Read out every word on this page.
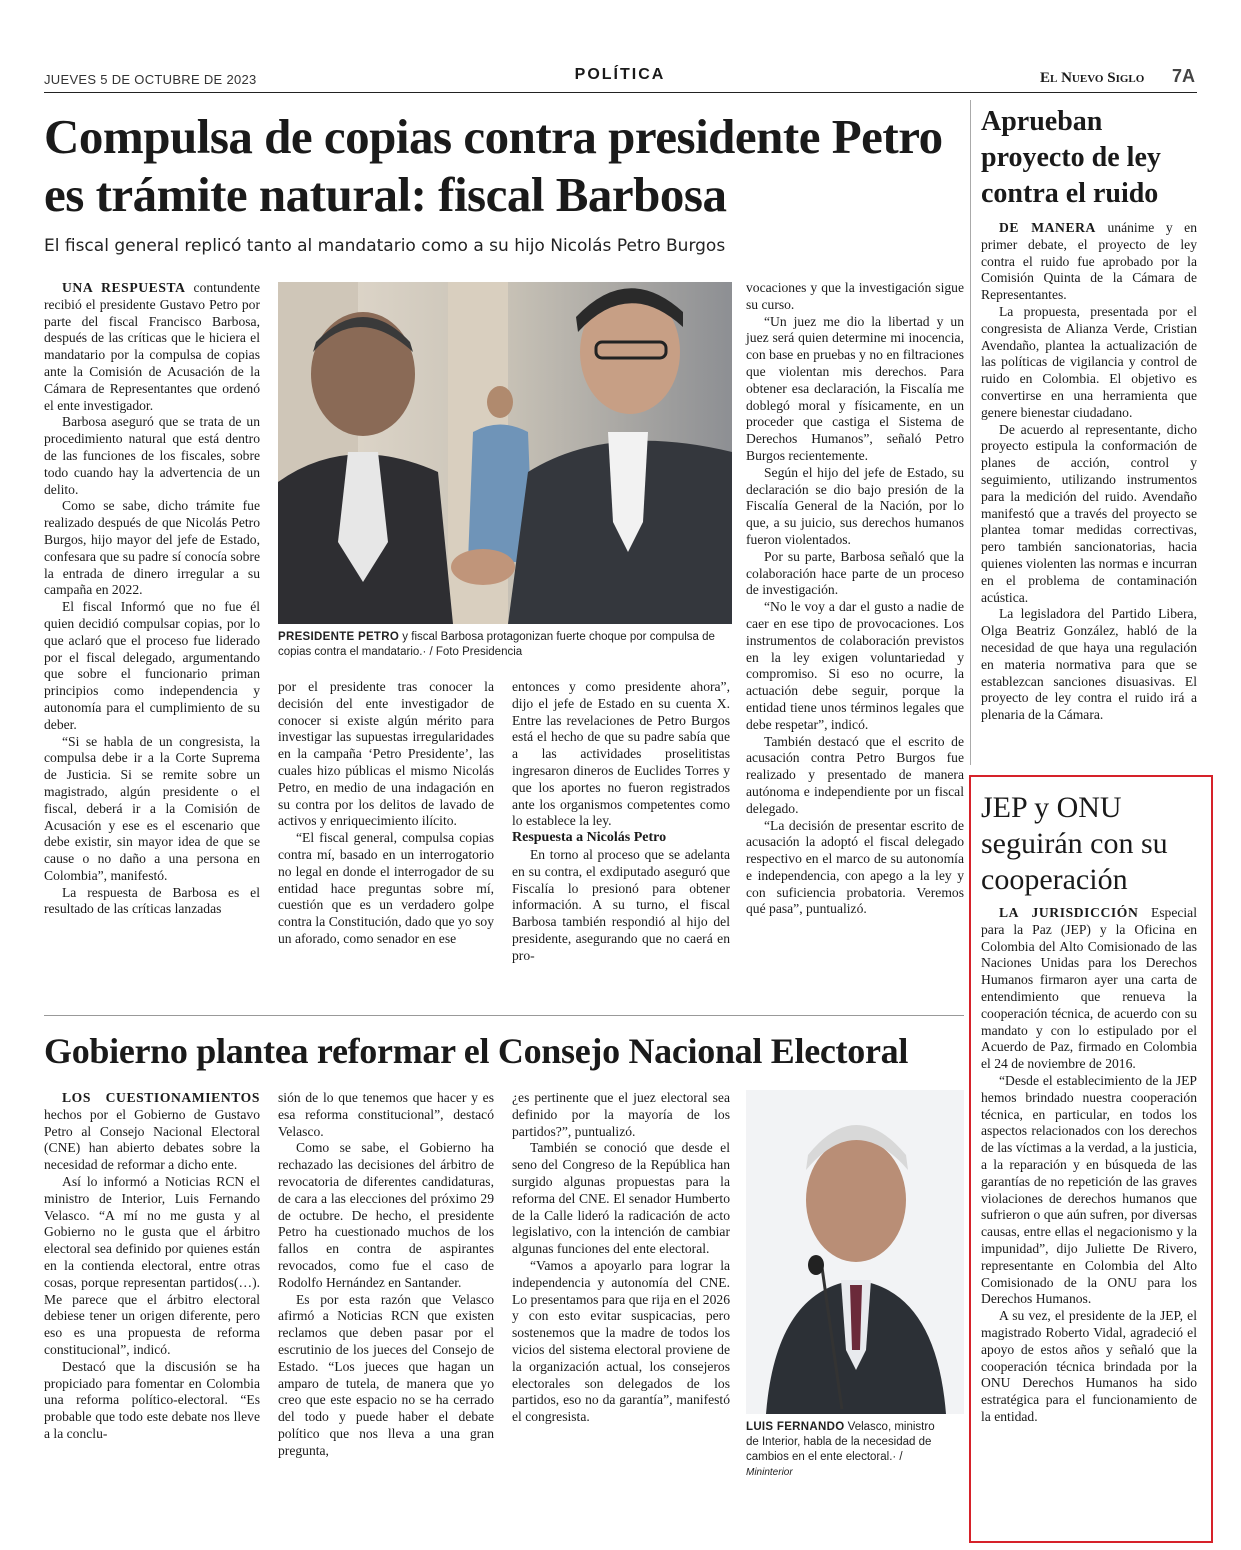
JUEVES 5 DE OCTUBRE DE 2023	POLÍTICA	El Nuevo Siglo 7A
Compulsa de copias contra presidente Petro es trámite natural: fiscal Barbosa
El fiscal general replicó tanto al mandatario como a su hijo Nicolás Petro Burgos

UNA RESPUESTA contundente recibió el presidente Gustavo Petro por parte del fiscal Francisco Barbosa, después de las críticas que le hiciera el mandatario por la compulsa de copias ante la Comisión de Acusación de la Cámara de Representantes que ordenó el ente investigador.

Barbosa aseguró que se trata de un procedimiento natural que está dentro de las funciones de los fiscales, sobre todo cuando hay la advertencia de un delito.

Como se sabe, dicho trámite fue realizado después de que Nicolás Petro Burgos, hijo mayor del jefe de Estado, confesara que su padre sí conocía sobre la entrada de dinero irregular a su campaña en 2022.

El fiscal Informó que no fue él quien decidió compulsar copias, por lo que aclaró que el proceso fue liderado por el fiscal delegado, argumentando que sobre el funcionario priman principios como independencia y autonomía para el cumplimiento de su deber.

“Si se habla de un congresista, la compulsa debe ir a la Corte Suprema de Justicia. Si se remite sobre un magistrado, algún presidente o el fiscal, deberá ir a la Comisión de Acusación y ese es el escenario que debe existir, sin mayor idea de que se cause o no daño a una persona en Colombia”, manifestó.

La respuesta de Barbosa es el resultado de las críticas lanzadas

PRESIDENTE PETRO y fiscal Barbosa protagonizan fuerte choque por compulsa de copias contra el mandatario.· / Foto Presidencia

por el presidente tras conocer la decisión del ente investigador de conocer si existe algún mérito para investigar las supuestas irregularidades en la campaña ‘Petro Presidente’, las cuales hizo públicas el mismo Nicolás Petro, en medio de una indagación en su contra por los delitos de lavado de activos y enriquecimiento ilícito.

“El fiscal general, compulsa copias contra mí, basado en un interrogatorio no legal en donde el interrogador de su entidad hace preguntas sobre mí, cuestión que es un verdadero golpe contra la Constitución, dado que yo soy un aforado, como senador en ese

entonces y como presidente ahora”, dijo el jefe de Estado en su cuenta X. Entre las revelaciones de Petro Burgos está el hecho de que su padre sabía que a las actividades proselitistas ingresaron dineros de Euclides Torres y que los aportes no fueron registrados ante los organismos competentes como lo establece la ley.

Respuesta a Nicolás Petro

En torno al proceso que se adelanta en su contra, el exdiputado aseguró que Fiscalía lo presionó para obtener información. A su turno, el fiscal Barbosa también respondió al hijo del presidente, asegurando que no caerá en pro-

vocaciones y que la investigación sigue su curso.

“Un juez me dio la libertad y un juez será quien determine mi inocencia, con base en pruebas y no en filtraciones que violentan mis derechos. Para obtener esa declaración, la Fiscalía me doblegó moral y físicamente, en un proceder que castiga el Sistema de Derechos Humanos”, señaló Petro Burgos recientemente.

Según el hijo del jefe de Estado, su declaración se dio bajo presión de la Fiscalía General de la Nación, por lo que, a su juicio, sus derechos humanos fueron violentados.

Por su parte, Barbosa señaló que la colaboración hace parte de un proceso de investigación.

“No le voy a dar el gusto a nadie de caer en ese tipo de provocaciones. Los instrumentos de colaboración previstos en la ley exigen voluntariedad y compromiso. Si eso no ocurre, la actuación debe seguir, porque la entidad tiene unos términos legales que debe respetar”, indicó.

También destacó que el escrito de acusación contra Petro Burgos fue realizado y presentado de manera autónoma e independiente por un fiscal delegado.

“La decisión de presentar escrito de acusación la adoptó el fiscal delegado respectivo en el marco de su autonomía e independencia, con apego a la ley y con suficiencia probatoria. Veremos qué pasa”, puntualizó.

Aprueban proyecto de ley contra el ruido

DE MANERA unánime y en primer debate, el proyecto de ley contra el ruido fue aprobado por la Comisión Quinta de la Cámara de Representantes.

La propuesta, presentada por el congresista de Alianza Verde, Cristian Avendaño, plantea la actualización de las políticas de vigilancia y control de ruido en Colombia. El objetivo es convertirse en una herramienta que genere bienestar ciudadano.

De acuerdo al representante, dicho proyecto estipula la conformación de planes de acción, control y seguimiento, utilizando instrumentos para la medición del ruido. Avendaño manifestó que a través del proyecto se plantea tomar medidas correctivas, pero también sancionatorias, hacia quienes violenten las normas e incurran en el problema de contaminación acústica.

La legisladora del Partido Libera, Olga Beatriz González, habló de la necesidad de que haya una regulación en materia normativa para que se establezcan sanciones disuasivas. El proyecto de ley contra el ruido irá a plenaria de la Cámara.

Gobierno plantea reformar el Consejo Nacional Electoral

LOS CUESTIONAMIENTOS hechos por el Gobierno de Gustavo Petro al Consejo Nacional Electoral (CNE) han abierto debates sobre la necesidad de reformar a dicho ente.

Así lo informó a Noticias RCN el ministro de Interior, Luis Fernando Velasco. “A mí no me gusta y al Gobierno no le gusta que el árbitro electoral sea definido por quienes están en la contienda electoral, entre otras cosas, porque representan partidos(…). Me parece que el árbitro electoral debiese tener un origen diferente, pero eso es una propuesta de reforma constitucional”, indicó.

Destacó que la discusión se ha propiciado para fomentar en Colombia una reforma político-electoral. “Es probable que todo este debate nos lleve a la conclu-

sión de lo que tenemos que hacer y es esa reforma constitucional”, destacó Velasco.

Como se sabe, el Gobierno ha rechazado las decisiones del árbitro de revocatoria de diferentes candidaturas, de cara a las elecciones del próximo 29 de octubre. De hecho, el presidente Petro ha cuestionado muchos de los fallos en contra de aspirantes revocados, como fue el caso de Rodolfo Hernández en Santander.

Es por esta razón que Velasco afirmó a Noticias RCN que existen reclamos que deben pasar por el escrutinio de los jueces del Consejo de Estado. “Los jueces que hagan un amparo de tutela, de manera que yo creo que este espacio no se ha cerrado del todo y puede haber el debate político que nos lleva a una gran pregunta,

¿es pertinente que el juez electoral sea definido por la mayoría de los partidos?”, puntualizó.

También se conoció que desde el seno del Congreso de la República han surgido algunas propuestas para la reforma del CNE. El senador Humberto de la Calle lideró la radicación de acto legislativo, con la intención de cambiar algunas funciones del ente electoral.

“Vamos a apoyarlo para lograr la independencia y autonomía del CNE. Lo presentamos para que rija en el 2026 y con esto evitar suspicacias, pero sostenemos que la madre de todos los vicios del sistema electoral proviene de la organización actual, los consejeros electorales son delegados de los partidos, eso no da garantía”, manifestó el congresista.

LUIS FERNANDO Velasco, ministro de Interior, habla de la necesidad de cambios en el ente electoral.· /
Mininterior
JEP y ONU seguirán con su cooperación

LA JURISDICCIÓN Especial para la Paz (JEP) y la Oficina en Colombia del Alto Comisionado de las Naciones Unidas para los Derechos Humanos firmaron ayer una carta de entendimiento que renueva la cooperación técnica, de acuerdo con su mandato y con lo estipulado por el Acuerdo de Paz, firmado en Colombia el 24 de noviembre de 2016.

“Desde el establecimiento de la JEP hemos brindado nuestra cooperación técnica, en particular, en todos los aspectos relacionados con los derechos de las víctimas a la verdad, a la justicia, a la reparación y en búsqueda de las garantías de no repetición de las graves violaciones de derechos humanos que sufrieron o que aún sufren, por diversas causas, entre ellas el negacionismo y la impunidad”, dijo Juliette De Rivero, representante en Colombia del Alto Comisionado de la ONU para los Derechos Humanos.

A su vez, el presidente de la JEP, el magistrado Roberto Vidal, agradeció el apoyo de estos años y señaló que la cooperación técnica brindada por la ONU Derechos Humanos ha sido estratégica para el funcionamiento de la entidad.
